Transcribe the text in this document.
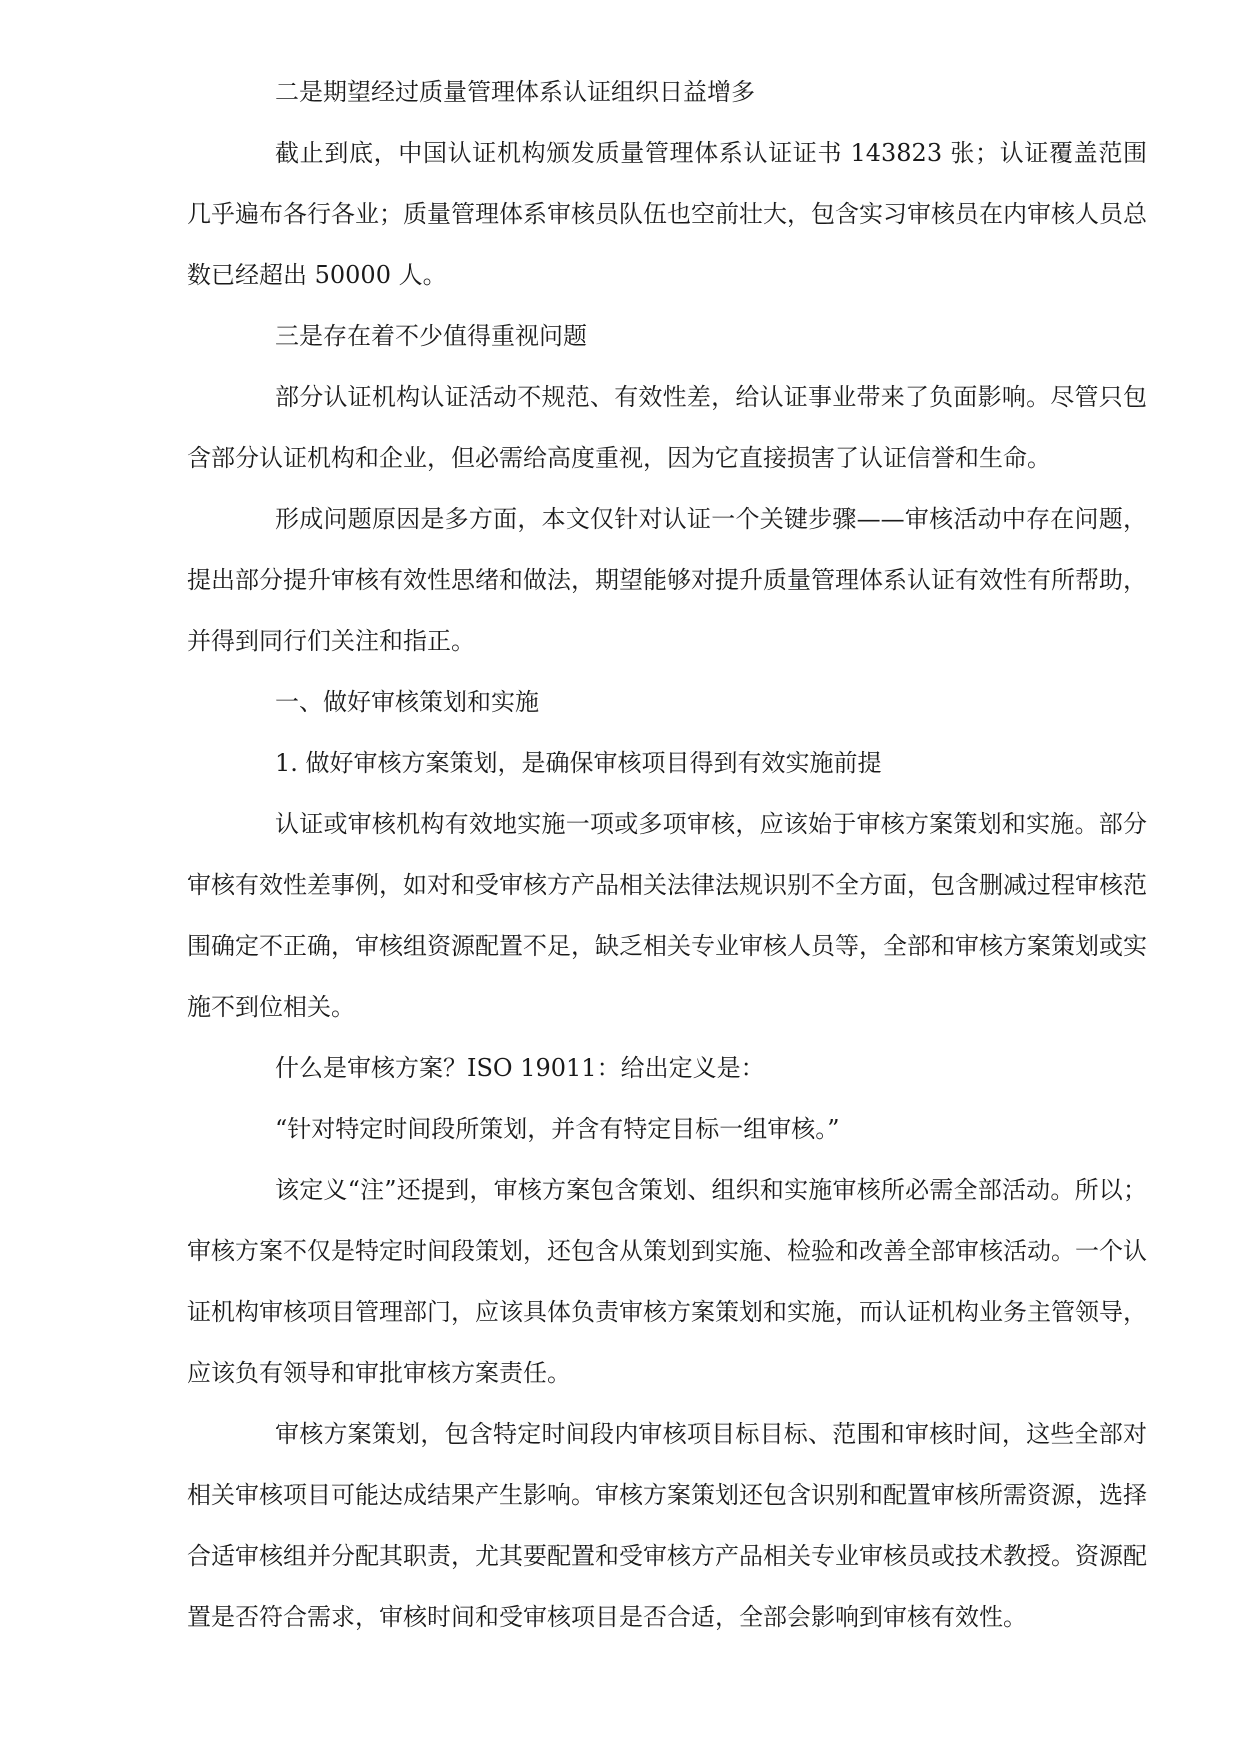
二是期望经过质量管理体系认证组织日益增多

截止到底，中国认证机构颁发质量管理体系认证证书 143823 张；认证覆盖范围几乎遍布各行各业；质量管理体系审核员队伍也空前壮大，包含实习审核员在内审核人员总数已经超出 50000 人。

三是存在着不少值得重视问题

部分认证机构认证活动不规范、有效性差，给认证事业带来了负面影响。尽管只包含部分认证机构和企业，但必需给高度重视，因为它直接损害了认证信誉和生命。

形成问题原因是多方面，本文仅针对认证一个关键步骤——审核活动中存在问题，提出部分提升审核有效性思绪和做法，期望能够对提升质量管理体系认证有效性有所帮助，并得到同行们关注和指正。

一、做好审核策划和实施

1. 做好审核方案策划，是确保审核项目得到有效实施前提

认证或审核机构有效地实施一项或多项审核，应该始于审核方案策划和实施。部分审核有效性差事例，如对和受审核方产品相关法律法规识别不全方面，包含删减过程审核范围确定不正确，审核组资源配置不足，缺乏相关专业审核人员等，全部和审核方案策划或实施不到位相关。

什么是审核方案？ISO 19011：给出定义是：

“针对特定时间段所策划，并含有特定目标一组审核。”

该定义“注”还提到，审核方案包含策划、组织和实施审核所必需全部活动。所以；审核方案不仅是特定时间段策划，还包含从策划到实施、检验和改善全部审核活动。一个认证机构审核项目管理部门，应该具体负责审核方案策划和实施，而认证机构业务主管领导，应该负有领导和审批审核方案责任。

审核方案策划，包含特定时间段内审核项目标目标、范围和审核时间，这些全部对相关审核项目可能达成结果产生影响。审核方案策划还包含识别和配置审核所需资源，选择合适审核组并分配其职责，尤其要配置和受审核方产品相关专业审核员或技术教授。资源配置是否符合需求，审核时间和受审核项目是否合适，全部会影响到审核有效性。
